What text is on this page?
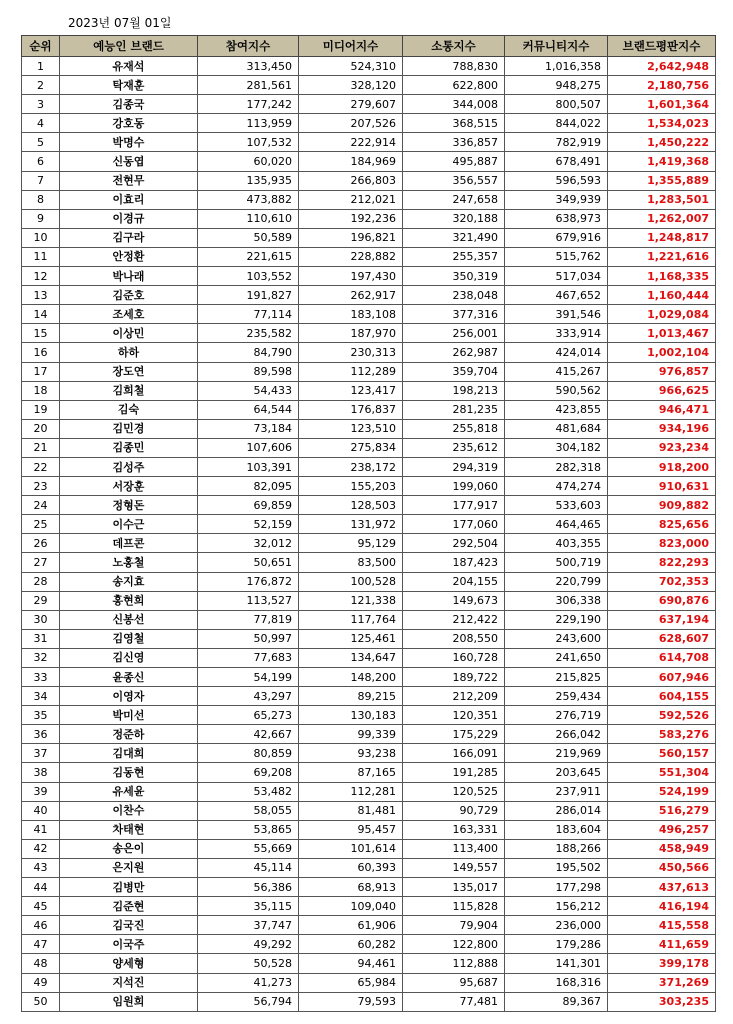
2023년 07월 01일
순위	예능인 브랜드	참여지수	미디어지수	소통지수	커뮤니티지수	브랜드평판지수
1	유재석	313,450	524,310	788,830	1,016,358	2,642,948
2	탁재훈	281,561	328,120	622,800	948,275	2,180,756
3	김종국	177,242	279,607	344,008	800,507	1,601,364
4	강호동	113,959	207,526	368,515	844,022	1,534,023
5	박명수	107,532	222,914	336,857	782,919	1,450,222
6	신동엽	60,020	184,969	495,887	678,491	1,419,368
7	전현무	135,935	266,803	356,557	596,593	1,355,889
8	이효리	473,882	212,021	247,658	349,939	1,283,501
9	이경규	110,610	192,236	320,188	638,973	1,262,007
10	김구라	50,589	196,821	321,490	679,916	1,248,817
11	안정환	221,615	228,882	255,357	515,762	1,221,616
12	박나래	103,552	197,430	350,319	517,034	1,168,335
13	김준호	191,827	262,917	238,048	467,652	1,160,444
14	조세호	77,114	183,108	377,316	391,546	1,029,084
15	이상민	235,582	187,970	256,001	333,914	1,013,467
16	하하	84,790	230,313	262,987	424,014	1,002,104
17	장도연	89,598	112,289	359,704	415,267	976,857
18	김희철	54,433	123,417	198,213	590,562	966,625
19	김숙	64,544	176,837	281,235	423,855	946,471
20	김민경	73,184	123,510	255,818	481,684	934,196
21	김종민	107,606	275,834	235,612	304,182	923,234
22	김성주	103,391	238,172	294,319	282,318	918,200
23	서장훈	82,095	155,203	199,060	474,274	910,631
24	정형돈	69,859	128,503	177,917	533,603	909,882
25	이수근	52,159	131,972	177,060	464,465	825,656
26	데프콘	32,012	95,129	292,504	403,355	823,000
27	노홍철	50,651	83,500	187,423	500,719	822,293
28	송지효	176,872	100,528	204,155	220,799	702,353
29	홍현희	113,527	121,338	149,673	306,338	690,876
30	신봉선	77,819	117,764	212,422	229,190	637,194
31	김영철	50,997	125,461	208,550	243,600	628,607
32	김신영	77,683	134,647	160,728	241,650	614,708
33	윤종신	54,199	148,200	189,722	215,825	607,946
34	이영자	43,297	89,215	212,209	259,434	604,155
35	박미선	65,273	130,183	120,351	276,719	592,526
36	정준하	42,667	99,339	175,229	266,042	583,276
37	김대희	80,859	93,238	166,091	219,969	560,157
38	김동현	69,208	87,165	191,285	203,645	551,304
39	유세윤	53,482	112,281	120,525	237,911	524,199
40	이찬수	58,055	81,481	90,729	286,014	516,279
41	차태현	53,865	95,457	163,331	183,604	496,257
42	송은이	55,669	101,614	113,400	188,266	458,949
43	은지원	45,114	60,393	149,557	195,502	450,566
44	김병만	56,386	68,913	135,017	177,298	437,613
45	김준현	35,115	109,040	115,828	156,212	416,194
46	김국진	37,747	61,906	79,904	236,000	415,558
47	이국주	49,292	60,282	122,800	179,286	411,659
48	양세형	50,528	94,461	112,888	141,301	399,178
49	지석진	41,273	65,984	95,687	168,316	371,269
50	임원희	56,794	79,593	77,481	89,367	303,235
